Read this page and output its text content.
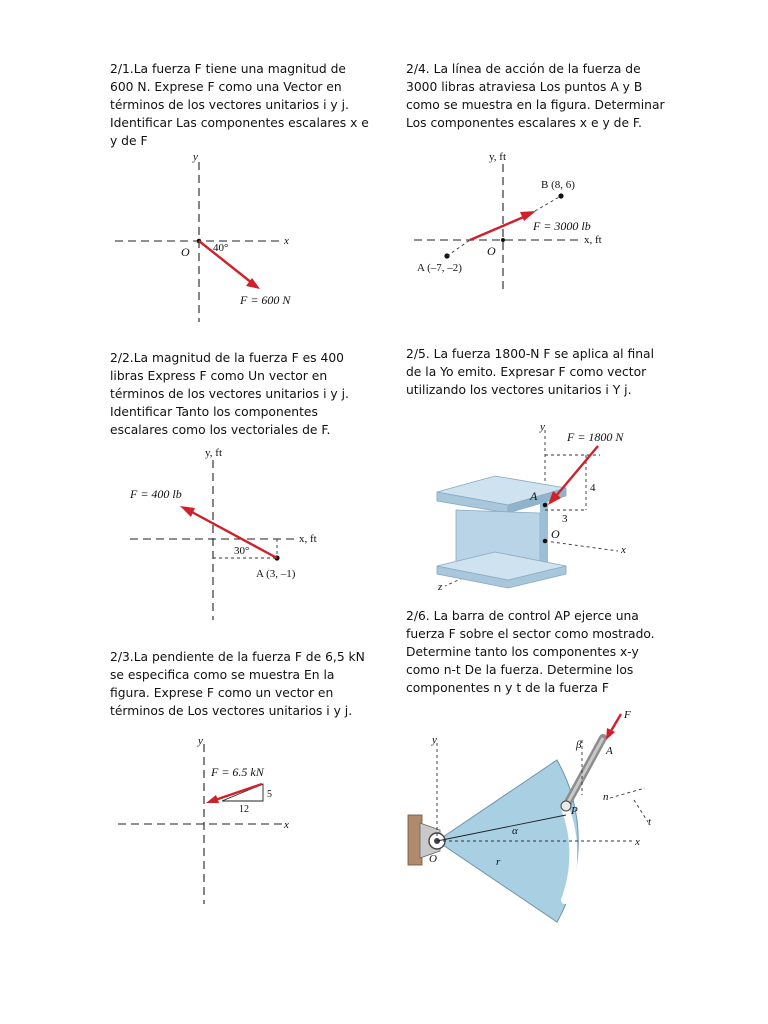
2/1.La fuerza F tiene una magnitud de 600 N. Exprese F como una Vector en términos de los vectores unitarios i y j. Identificar Las componentes escalares x e y de F
y
x
O 40°
F = 600 N
2/4. La línea de acción de la fuerza de 3000 libras atraviesa Los puntos A y B como se muestra en la figura. Determinar Los componentes escalares x e y de F.
y, ft
x, ft
O
B (8, 6)
A (–7, –2)
F = 3000 lb
2/2.La magnitud de la fuerza F es 400 libras Express F como Un vector en términos de los vectores unitarios i y j. Identificar Tanto los componentes escalares como los vectoriales de F.
y, ft
x, ft
F = 400 lb
30°
A (3, –1)
2/5. La fuerza 1800-N F se aplica al final de la Yo emito. Expresar F como vector utilizando los vectores unitarios i Y j.
y
x
z
A
O
4
3
F = 1800 N
2/6. La barra de control AP ejerce una fuerza F sobre el sector como mostrado. Determine tanto los componentes x-y como n-t De la fuerza. Determine los componentes n y t de la fuerza F
2/3.La pendiente de la fuerza F de 6,5 kN se especifica como se muestra En la figura. Exprese F como un vector en términos de Los vectores unitarios i y j.
y
x
F = 6.5 kN
5
12
y
x
O
α
r
P
A
β
n
t
F
